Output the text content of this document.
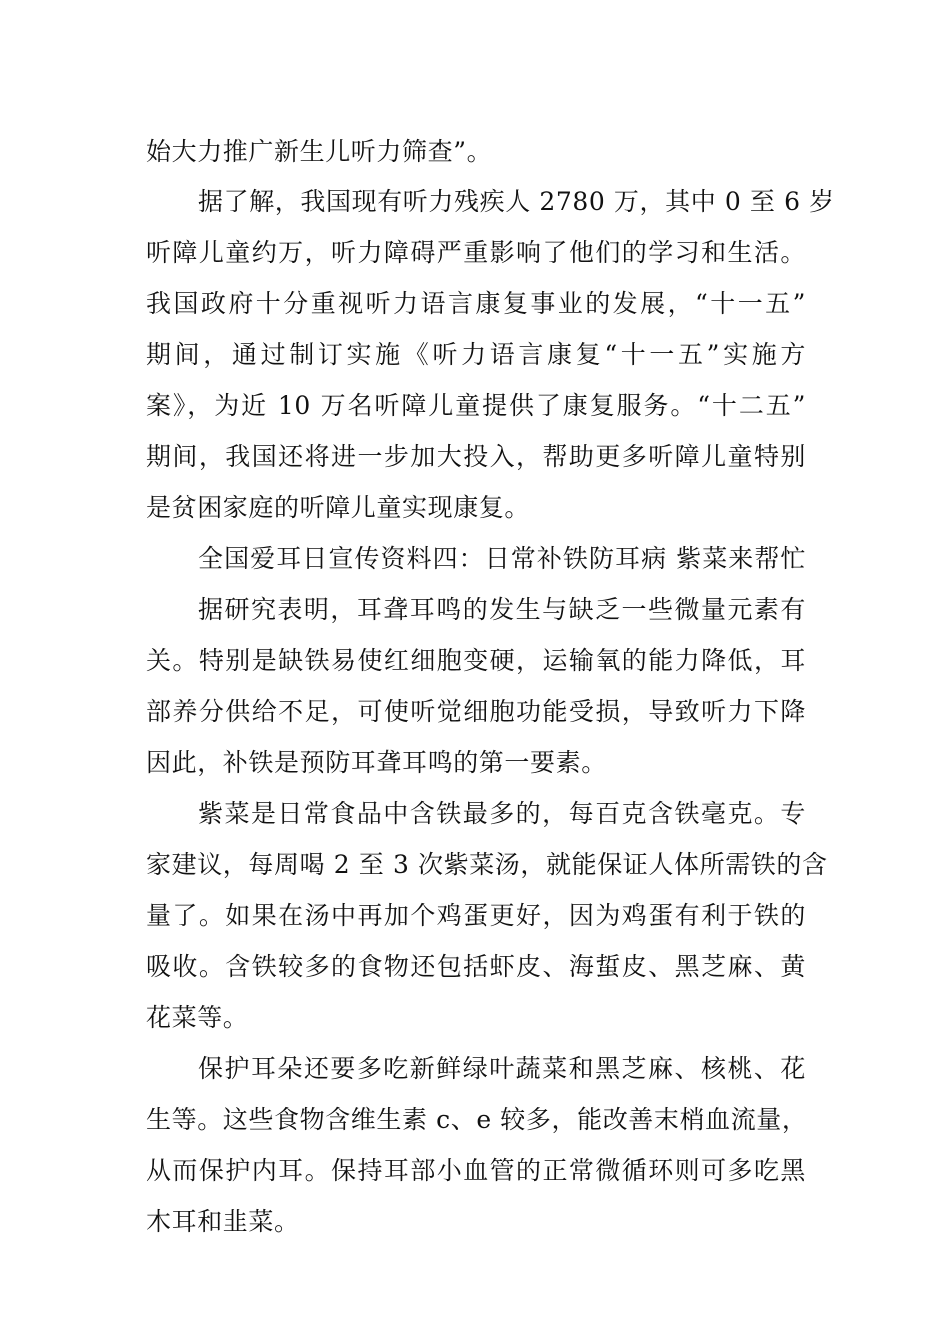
始大力推广新生儿听力筛查”。
据了解，我国现有听力残疾人 2780 万，其中 0 至 6 岁
听障儿童约万，听力障碍严重影响了他们的学习和生活。
我国政府十分重视听力语言康复事业的发展，“十一五”
期间，通过制订实施《听力语言康复“十一五”实施方
案》，为近 10 万名听障儿童提供了康复服务。“十二五”
期间，我国还将进一步加大投入，帮助更多听障儿童特别
是贫困家庭的听障儿童实现康复。
全国爱耳日宣传资料四：日常补铁防耳病 紫菜来帮忙
据研究表明，耳聋耳鸣的发生与缺乏一些微量元素有
关。特别是缺铁易使红细胞变硬，运输氧的能力降低，耳
部养分供给不足，可使听觉细胞功能受损，导致听力下降
因此，补铁是预防耳聋耳鸣的第一要素。
紫菜是日常食品中含铁最多的，每百克含铁毫克。专
家建议，每周喝 2 至 3 次紫菜汤，就能保证人体所需铁的含
量了。如果在汤中再加个鸡蛋更好，因为鸡蛋有利于铁的
吸收。含铁较多的食物还包括虾皮、海蜇皮、黑芝麻、黄
花菜等。
保护耳朵还要多吃新鲜绿叶蔬菜和黑芝麻、核桃、花
生等。这些食物含维生素 c、e 较多，能改善末梢血流量，
从而保护内耳。保持耳部小血管的正常微循环则可多吃黑
木耳和韭菜。
